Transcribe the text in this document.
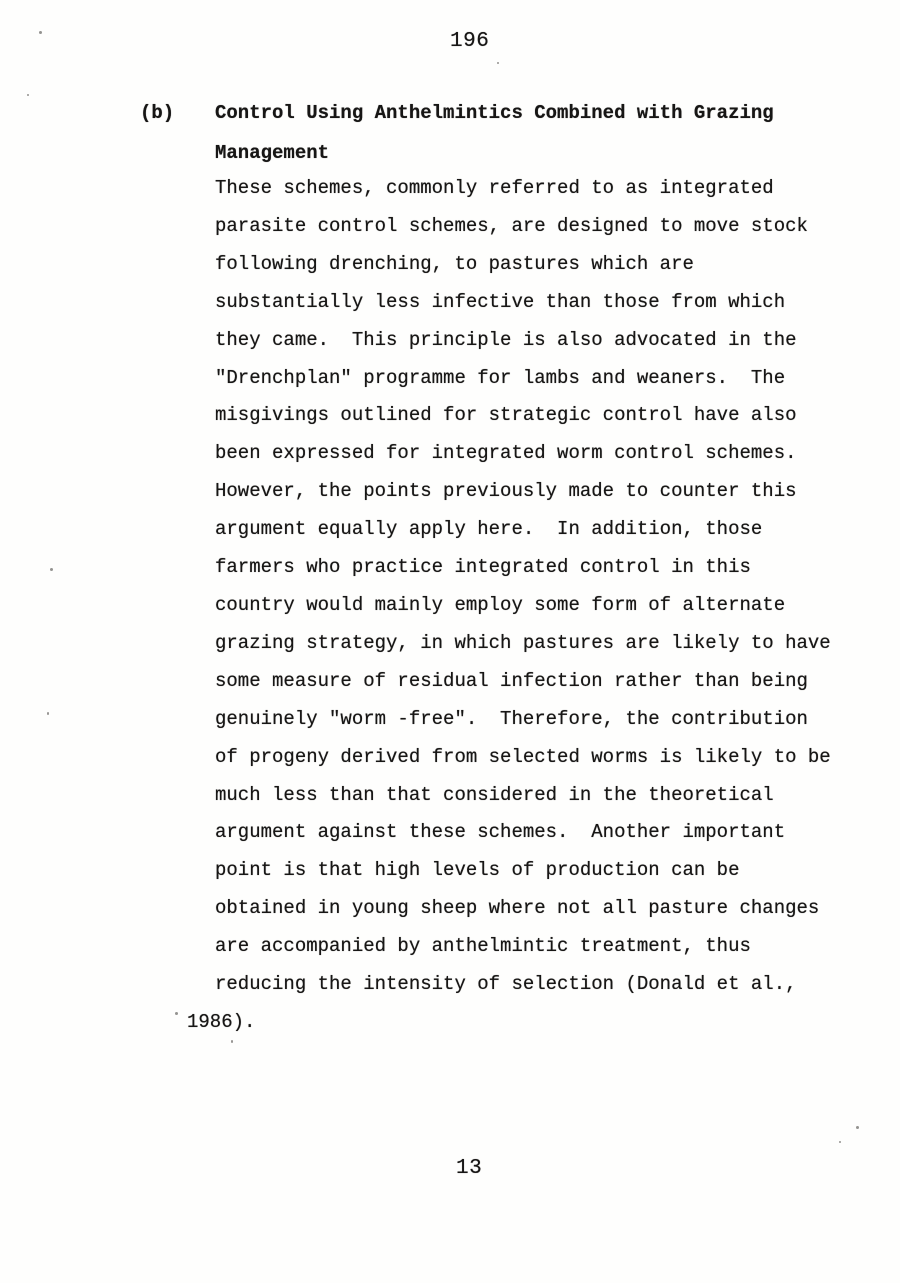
196
(b)	Control Using Anthelmintics Combined with Grazing
Management
These schemes, commonly referred to as integrated
parasite control schemes, are designed to move stock
following drenching, to pastures which are
substantially less infective than those from which
they came.  This principle is also advocated in the
"Drenchplan" programme for lambs and weaners.  The
misgivings outlined for strategic control have also
been expressed for integrated worm control schemes.
However, the points previously made to counter this
argument equally apply here.  In addition, those
farmers who practice integrated control in this
country would mainly employ some form of alternate
grazing strategy, in which pastures are likely to have
some measure of residual infection rather than being
genuinely "worm -free".  Therefore, the contribution
of progeny derived from selected worms is likely to be
much less than that considered in the theoretical
argument against these schemes.  Another important
point is that high levels of production can be
obtained in young sheep where not all pasture changes
are accompanied by anthelmintic treatment, thus
reducing the intensity of selection (Donald et al.,
1986).
13
